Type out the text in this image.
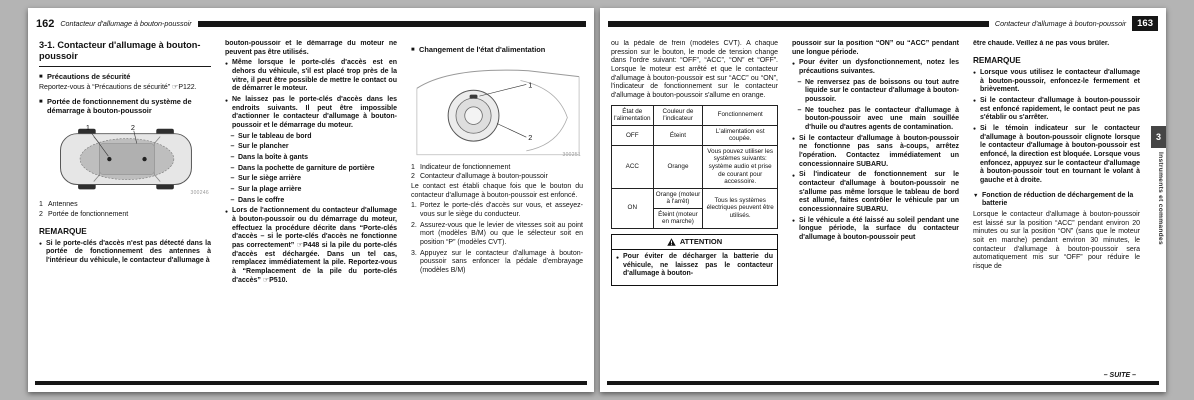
162 Contacteur d'allumage à bouton-poussoir
3-1. Contacteur d'allumage à bouton-poussoir
■ Précautions de sécurité
Reportez-vous à “Précautions de sécurité” ☞P122.
■ Portée de fonctionnement du système de démarrage à bouton-poussoir
1	2
300246
1 Antennes
2 Portée de fonctionnement
REMARQUE
● Si le porte-clés d'accès n'est pas détecté dans la portée de fonctionnement des antennes à l'intérieur du véhicule, le contacteur d'allumage à
bouton-poussoir et le démarrage du moteur ne peuvent pas être utilisés.
● Même lorsque le porte-clés d'accès est en dehors du véhicule, s'il est placé trop près de la vitre, il peut être possible de mettre le contact ou de démarrer le moteur.
● Ne laissez pas le porte-clés d'accès dans les endroits suivants. Il peut être impossible d'actionner le contacteur d'allumage à bouton-poussoir et le démarrage du moteur.
– Sur le tableau de bord
– Sur le plancher
– Dans la boîte à gants
– Dans la pochette de garniture de portière
– Sur le siège arrière
– Sur la plage arrière
– Dans le coffre
● Lors de l'actionnement du contacteur d'allumage à bouton-poussoir ou du démarrage du moteur, effectuez la procédure décrite dans “Porte-clés d'accès – si le porte-clés d'accès ne fonctionne pas correctement” ☞P448 si la pile du porte-clés d'accès est déchargée. Dans un tel cas, remplacez immédiatement la pile. Reportez-vous à “Remplacement de la pile du porte-clés d'accès” ☞P510.
■ Changement de l'état d'alimentation
1
2
300251
1 Indicateur de fonctionnement
2 Contacteur d'allumage à bouton-poussoir
Le contact est établi chaque fois que le bouton du contacteur d'allumage à bouton-poussoir est enfoncé.
1. Portez le porte-clés d'accès sur vous, et asseyez-vous sur le siège du conducteur.
2. Assurez-vous que le levier de vitesses soit au point mort (modèles B/M) ou que le sélecteur soit en position “P” (modèles CVT).
3. Appuyez sur le contacteur d'allumage à bouton-poussoir sans enfoncer la pédale d'embrayage (modèles B/M)
Contacteur d'allumage à bouton-poussoir	163
ou la pédale de frein (modèles CVT). A chaque pression sur le bouton, le mode de tension change dans l'ordre suivant: “OFF”, “ACC”, “ON” et “OFF”. Lorsque le moteur est arrêté et que le contacteur d'allumage à bouton-poussoir est sur “ACC” ou “ON”, l'indicateur de fonctionnement sur le contacteur d'allumage à bouton-poussoir s'allume en orange.
État de l'alimentation	Couleur de l'indicateur	Fonctionnement
OFF	Éteint	L'alimentation est coupée.
ACC	Orange	Vous pouvez utiliser les systèmes suivants: système audio et prise de courant pour accessoire.
ON	Orange (moteur à l'arrêt)	Tous les systèmes électriques peuvent être utilisés.
	Éteint (moteur en marche)	
ATTENTION
● Pour éviter de décharger la batterie du véhicule, ne laissez pas le contacteur d'allumage à bouton-
poussoir sur la position “ON” ou “ACC” pendant une longue période.
● Pour éviter un dysfonctionnement, notez les précautions suivantes.
– Ne renversez pas de boissons ou tout autre liquide sur le contacteur d'allumage à bouton-poussoir.
– Ne touchez pas le contacteur d'allumage à bouton-poussoir avec une main souillée d'huile ou d'autres agents de contamination.
● Si le contacteur d'allumage à bouton-poussoir ne fonctionne pas sans à-coups, arrêtez l'opération. Contactez immédiatement un concessionnaire SUBARU.
● Si l'indicateur de fonctionnement sur le contacteur d'allumage à bouton-poussoir ne s'allume pas même lorsque le tableau de bord est allumé, faites contrôler le véhicule par un concessionnaire SUBARU.
● Si le véhicule a été laissé au soleil pendant une longue période, la surface du contacteur d'allumage à bouton-poussoir peut
être chaude. Veillez à ne pas vous brûler.
REMARQUE
● Lorsque vous utilisez le contacteur d'allumage à bouton-poussoir, enfoncez-le fermement et brièvement.
● Si le contacteur d'allumage à bouton-poussoir est enfoncé rapidement, le contact peut ne pas s'établir ou s'arrêter.
● Si le témoin indicateur sur le contacteur d'allumage à bouton-poussoir clignote lorsque le contacteur d'allumage à bouton-poussoir est enfoncé, la direction est bloquée. Lorsque vous enfoncez, appuyez sur le contacteur d'allumage à bouton-poussoir tout en tournant le volant à gauche et à droite.
▼ Fonction de réduction de déchargement de la batterie
Lorsque le contacteur d'allumage à bouton-poussoir est laissé sur la position “ACC” pendant environ 20 minutes ou sur la position “ON” (sans que le moteur soit en marche) pendant environ 30 minutes, le contacteur d'allumage à bouton-poussoir sera automatiquement mis sur “OFF” pour réduire le risque de
3
Instruments et commandes
– SUITE –
